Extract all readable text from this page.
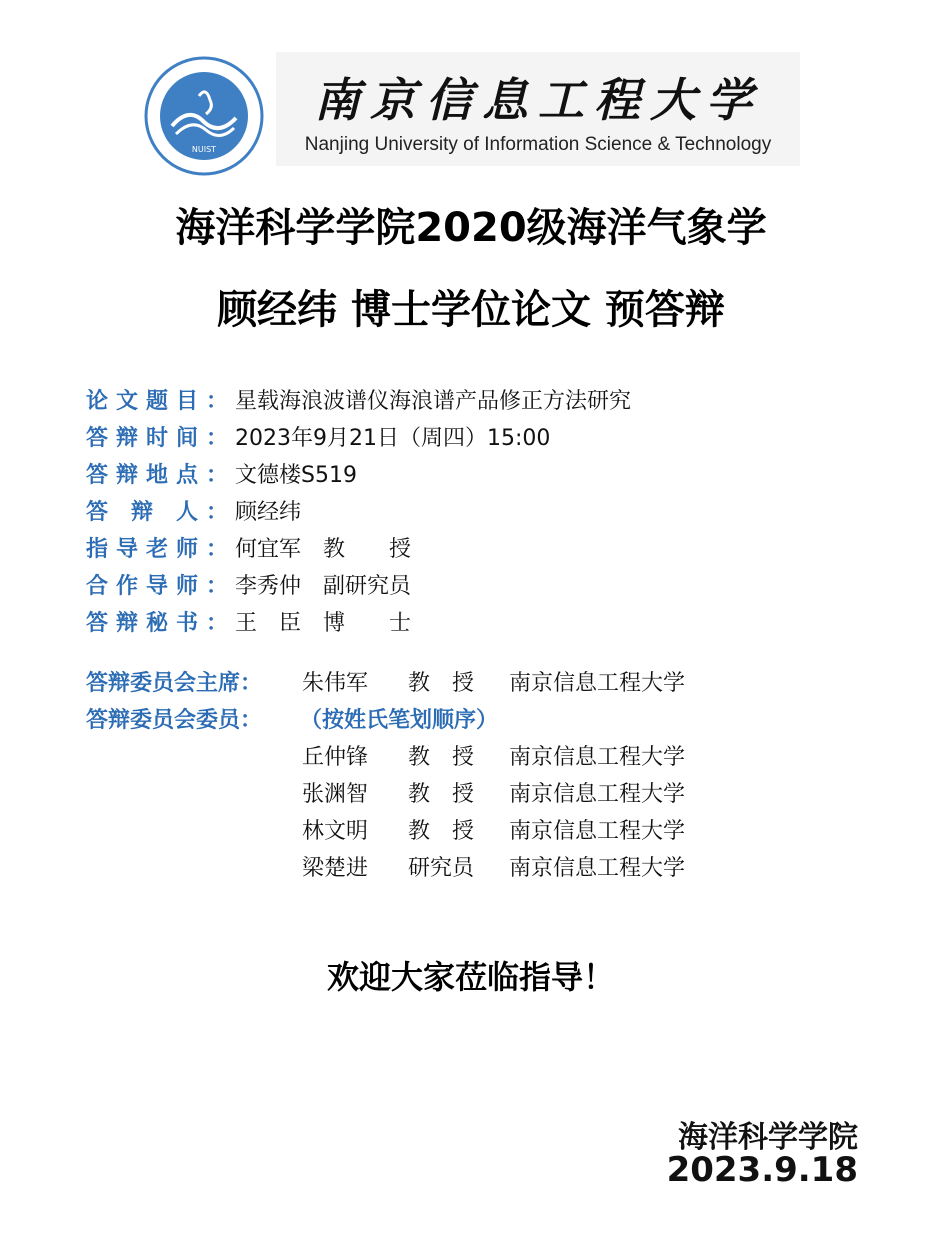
NUIST
南京信息工程大学
Nanjing University of Information Science & Technology
海洋科学学院2020级海洋气象学
顾经纬 博士学位论文 预答辩
论文题目 ： 星载海浪波谱仪海浪谱产品修正方法研究
答辩时间 ： 2023年9月21日（周四）15:00
答辩地点 ： 文德楼S519
答辩人 ： 顾经纬
指导老师 ： 何宜军　教　　授
合作导师 ： 李秀仲　副研究员
答辩秘书 ： 王　臣　博　　士
答辩委员会主席： 朱伟军 教　授 南京信息工程大学
答辩委员会委员： （按姓氏笔划顺序）
丘仲锋 教　授 南京信息工程大学
张渊智 教　授 南京信息工程大学
林文明 教　授 南京信息工程大学
梁楚进 研究员 南京信息工程大学
欢迎大家莅临指导！
海洋科学学院
2023.9.18
